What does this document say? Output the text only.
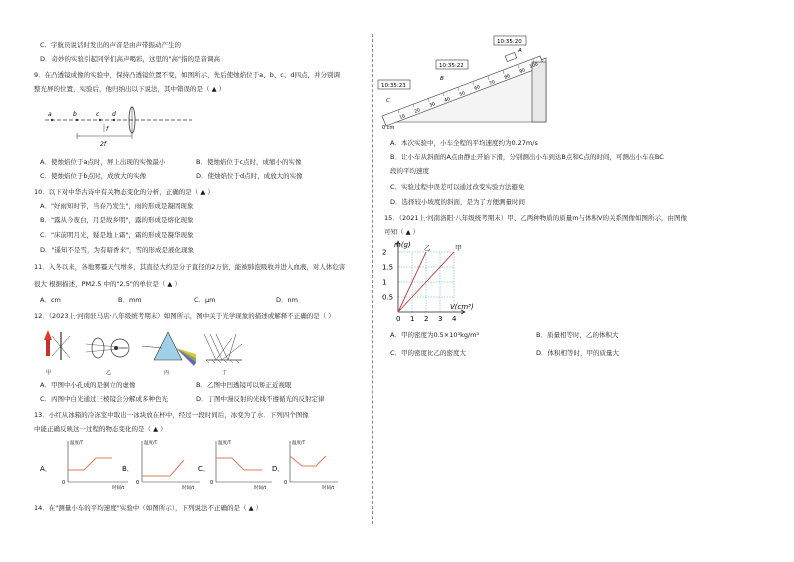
C．宇航员说话时发出的声音是由声带振动产生的
D．奇妙的实验引起同学们高声喝彩，这里的"高"指的是音调高
9．在凸透镜成像的实验中，保持凸透镜位置不变，如图所示，先后使烛焰位于a、b、c、d四点，并分别调
整光屏的位置，实验后，他归纳出以下说法，其中错误的是（ ▲ ）
a	b	c d
f
2f
A．使烛焰位于a点时，屏上出现的实像最小	B．使烛焰位于c点时，成缩小的实像
C．使烛焰位于b点时，成放大的实像	D．使烛焰位于d点时，成放大的实像
10．以下对中华古诗中有关物态变化的分析，正确的是（ ▲ ）
A．"好雨知时节，当春乃发生"，雨的形成是凝固现象
B．"露从今夜白，月是故乡明"，露的形成是熔化现象
C．"床前明月光，疑是地上霜"，霜的形成是凝华现象
D．"遥知不是雪，为有暗香来"，雪的形成是液化现象
11．入冬以来，各地雾霾天气增多，其直径大约是分子直径的2万倍，能被肺泡吸收并进入血液，对人体危害
很大 根据描述，PM2.5 中的"2.5"的单位是（ ▲ ）
A．cm	B．mm	C．μm	D．nm
12．（2023上·河南驻马店·八年级统考期末）如图所示，图中关于光学现象的描述或解释不正确的是（ ）
甲	乙	丙	丁
A．甲图中小孔成的是倒立的虚像	B．乙图中凹透镜可以矫正近视眼
C．丙图中白光通过三棱镜会分解成多种色光	D．丁图中漫反射的光线不遵循光的反射定律
13．小红从冰箱的冷冻室中取出一冰块放在杯中，经过一段时间后，冰变为了水．下列四个图像
中能正确反映这一过程的物态变化的是（ ▲ ）
A．
0
温度/T
时间/t
B．
0
温度/T
时间/t
C．
0
温度/T
时间/t
D．
0
温度/T
时间/t
14．在"测量小车的平均速度"实验中（如图所示），下列说法不正确的是（ ▲ ）
10
20
30
40
50
60
70
80
90
100
0 cm
C
B
A
10:35:20
10:35:22
10:35:23
A．本次实验中，小车全程的平均速度约为0.27m/s
B．让小车从斜面的A点由静止开始下滑，分别测出小车到达B点和C点的时间，可测出小车在BC
段的平均速度
C．实验过程中误差可以通过改变实验方法避免
D．选择较小坡度的斜面，是为了方便测量时间
15．（2021上·河南洛阳·八年级统考期末）甲、乙两种物质的质量m与体积V的关系图像如图所示，由图像
可知（ ▲ ）
0 1 2 3 4
0.5
1
1.5
2
m(g)
V(cm³)
甲
乙
A．甲的密度为0.5×10³kg/m³	B．质量相等时，乙的体积大
C．甲的密度比乙的密度大	D．体积相等时，甲的质量大
